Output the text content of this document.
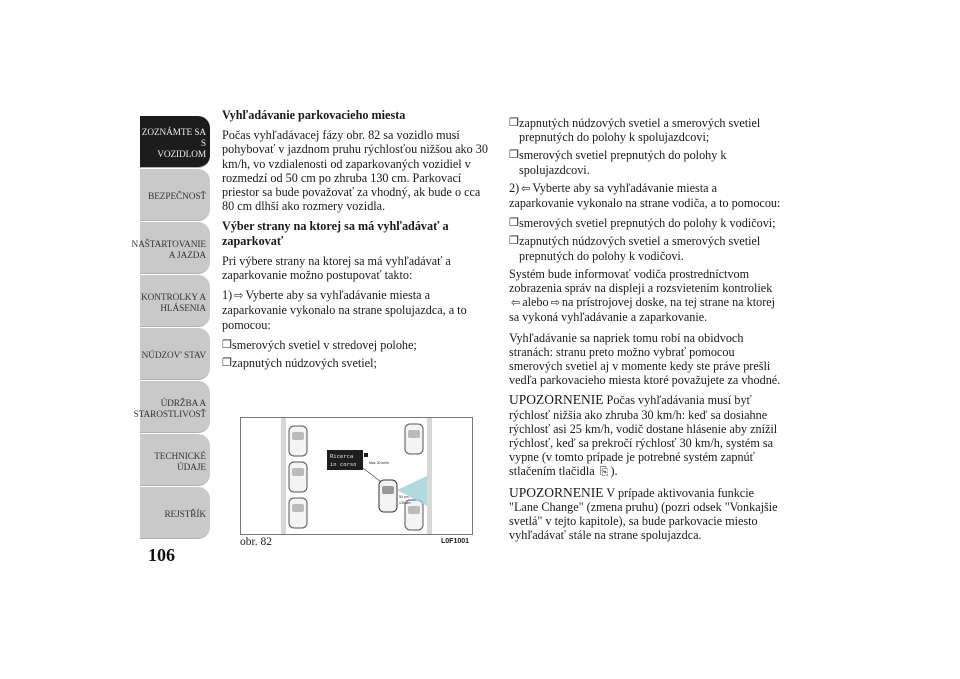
ZOZNÁMTE SA S
VOZIDLOM
BEZPEČNOSŤ
NAŠTARTOVANIE
A JAZDA
KONTROLKY A
HLÁSENIA
NÚDZOV' STAV
ÚDRŽBA A
STAROSTLIVOSŤ
TECHNICKÉ
ÚDAJE
REJSTŘÍK
106

Vyhľadávanie parkovacieho miesta

Počas vyhľadávacej fázy obr. 82 sa vozidlo musí pohybovať v jazdnom pruhu rýchlosťou nižšou ako 30 km/h, vo vzdialenosti od zaparkovaných vozidiel v rozmedzí od 50 cm po zhruba 130 cm. Parkovací priestor sa bude považovať za vhodný, ak bude o cca 80 cm dlhší ako rozmery vozidla.

Výber strany na ktorej sa má vyhľadávať a zaparkovať

Pri výbere strany na ktorej sa má vyhľadávať a zaparkovanie možno postupovať takto:

1) ⇨ Vyberte aby sa vyhľadávanie miesta a zaparkovanie vykonalo na strane spolujazdca, a to pomocou:

❒ smerových svetiel v stredovej polohe;
❒ zapnutých núdzových svetiel;
❒ zapnutých núdzových svetiel a smerových svetiel prepnutých do polohy k spolujazdcovi;
❒ smerových svetiel prepnutých do polohy k spolujazdcovi.

2) ⇦ Vyberte aby sa vyhľadávanie miesta a zaparkovanie vykonalo na strane vodiča, a to pomocou:

❒ smerových svetiel prepnutých do polohy k vodičovi;
❒ zapnutých núdzových svetiel a smerových svetiel prepnutých do polohy k vodičovi.

Systém bude informovať vodiča prostredníctvom zobrazenia správ na displeji a rozsvietením kontroliek ⇦ alebo ⇨ na prístrojovej doske, na tej strane na ktorej sa vykoná vyhľadávanie a zaparkovanie.

Vyhľadávanie sa napriek tomu robí na obidvoch stranách: stranu preto možno vybrať pomocou smerových svetiel aj v momente kedy ste práve prešli vedľa parkovacieho miesta ktoré považujete za vhodné.

UPOZORNENIE Počas vyhľadávania musí byť rýchlosť nižšia ako zhruba 30 km/h: keď sa dosiahne rýchlosť asi 25 km/h, vodič dostane hlásenie aby znížil rýchlosť, keď sa prekročí rýchlosť 30 km/h, systém sa vypne (v tomto prípade je potrebné systém zapnúť stlačením tlačidla ⎘ ).

UPOZORNENIE V prípade aktivovania funkcie "Lane Change" (zmena pruhu) (pozri odsek "Vonkajšie svetlá" v tejto kapitole), sa bude parkovacie miesto vyhľadávať stále na strane spolujazdca.

Ricerca
in corso	Max 30 km/h
50 cm
130 cm
obr. 82	L0F1001
